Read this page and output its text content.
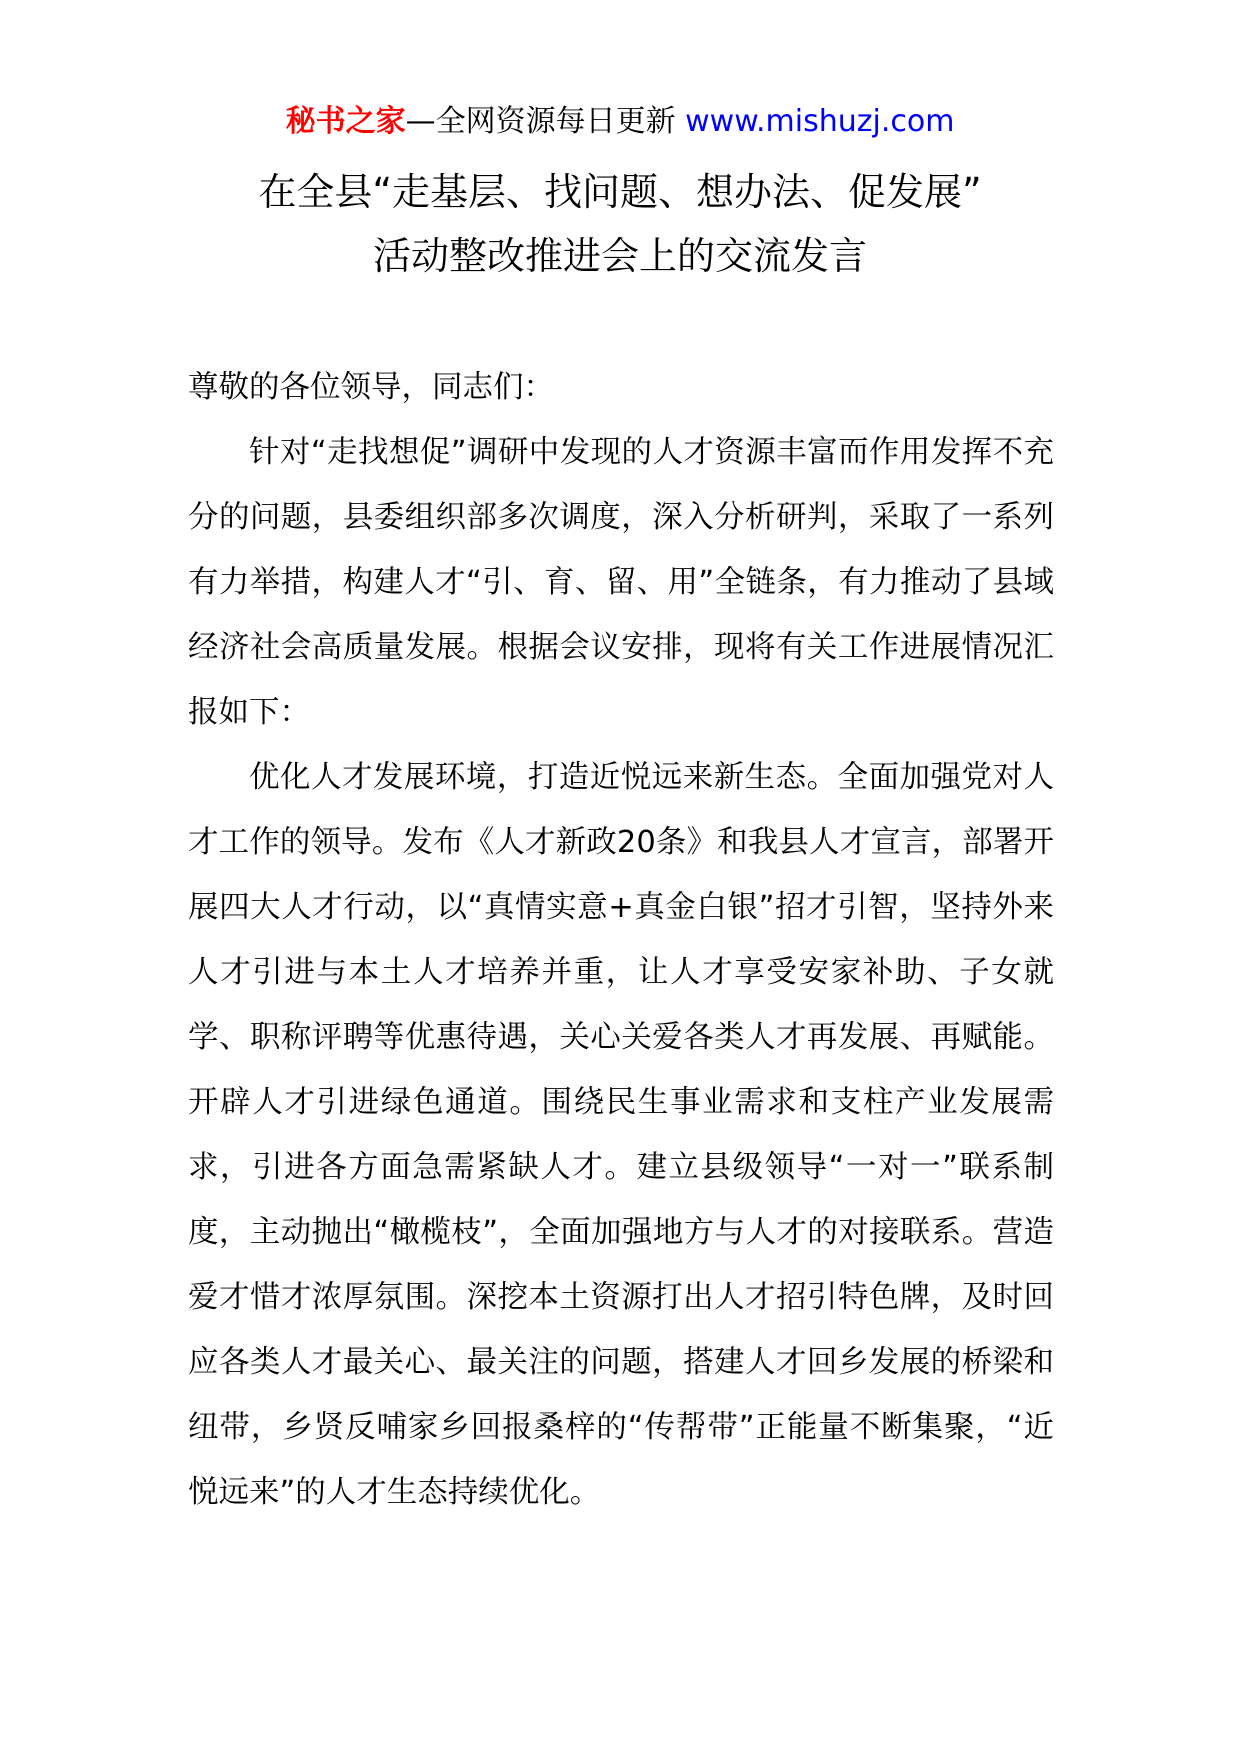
秘书之家—全网资源每日更新 www.mishuzj.com
在全县“走基层、找问题、想办法、促发展”
活动整改推进会上的交流发言

尊敬的各位领导，同志们：

针对“走找想促”调研中发现的人才资源丰富而作用发挥不充分的问题，县委组织部多次调度，深入分析研判，采取了一系列有力举措，构建人才“引、育、留、用”全链条，有力推动了县域经济社会高质量发展。根据会议安排，现将有关工作进展情况汇报如下：

优化人才发展环境，打造近悦远来新生态。全面加强党对人才工作的领导。发布《人才新政20条》和我县人才宣言，部署开展四大人才行动，以“真情实意+真金白银”招才引智，坚持外来人才引进与本土人才培养并重，让人才享受安家补助、子女就学、职称评聘等优惠待遇，关心关爱各类人才再发展、再赋能。开辟人才引进绿色通道。围绕民生事业需求和支柱产业发展需求，引进各方面急需紧缺人才。建立县级领导“一对一”联系制度，主动抛出“橄榄枝”，全面加强地方与人才的对接联系。营造爱才惜才浓厚氛围。深挖本土资源打出人才招引特色牌，及时回应各类人才最关心、最关注的问题，搭建人才回乡发展的桥梁和纽带，乡贤反哺家乡回报桑梓的“传帮带”正能量不断集聚，“近悦远来”的人才生态持续优化。
